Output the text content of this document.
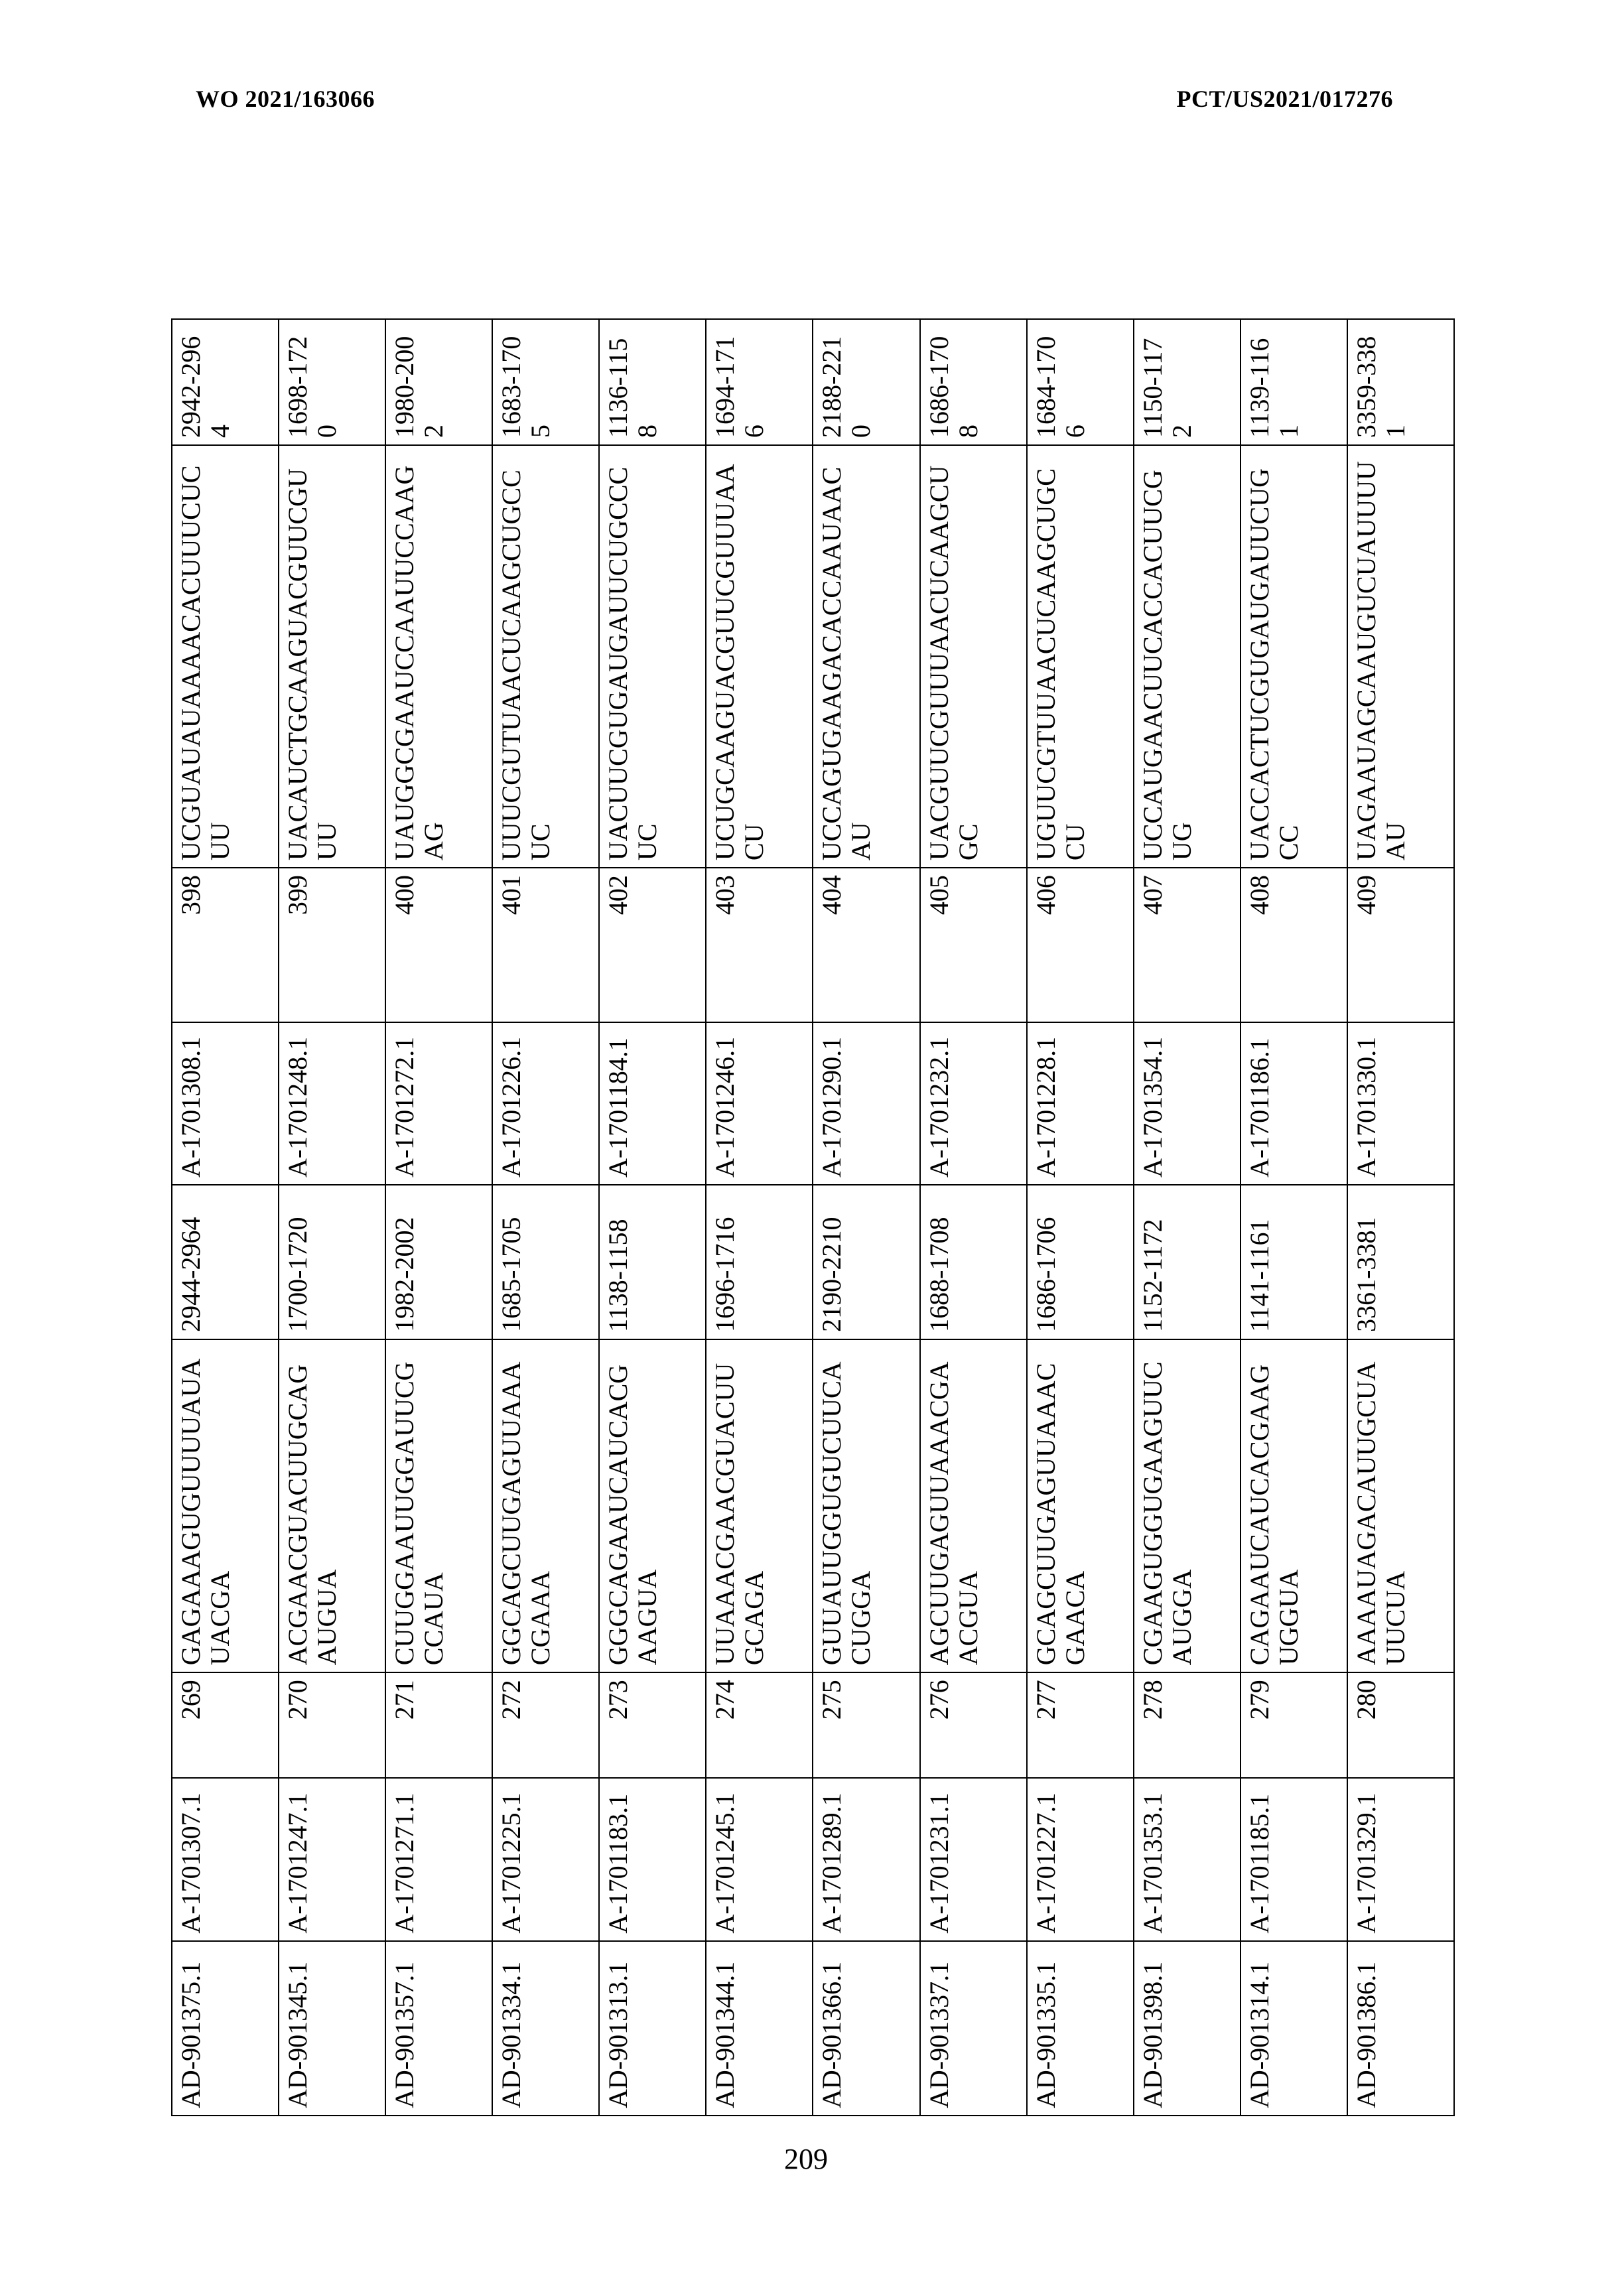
WO 2021/163066	PCT/US2021/017276
AD-901375.1	A-1701307.1	269	GAGAAAGUGUUUUAUAUACGA	2944-2964	A-1701308.1	398	UCGUAUAUAAAACACUUUCUCUU	2942-2964
AD-901345.1	A-1701247.1	270	ACGAACGUACUUGCAGAUGUA	1700-1720	A-1701248.1	399	UACAUCTGCAAGUACGUUCGUUU	1698-1720
AD-901357.1	A-1701271.1	271	CUUGGAAUUGGAUUCGCCAUA	1982-2002	A-1701272.1	400	UAUGGCGAAUCCAAUUCCAAGAG	1980-2002
AD-901334.1	A-1701225.1	272	GGCAGCUUGAGUUAAACGAAA	1685-1705	A-1701226.1	401	UUUCGUTUAACUCAAGCUGCCUC	1683-1705
AD-901313.1	A-1701183.1	273	GGGCAGAAUCAUCACGAAGUA	1138-1158	A-1701184.1	402	UACUUCGUGAUGAUUCUGCCCUC	1136-1158
AD-901344.1	A-1701245.1	274	UUAAACGAACGUACUUGCAGA	1696-1716	A-1701246.1	403	UCUGCAAGUACGUUCGUUUAACU	1694-1716
AD-901366.1	A-1701289.1	275	GUUAUUGGUGUCUUCACUGGA	2190-2210	A-1701290.1	404	UCCAGUGAAGACACCAAUAACAU	2188-2210
AD-901337.1	A-1701231.1	276	AGCUUGAGUUAAACGAACGUA	1688-1708	A-1701232.1	405	UACGUUCGUUUAACUCAAGCUGC	1686-1708
AD-901335.1	A-1701227.1	277	GCAGCUUGAGUUAAACGAACA	1686-1706	A-1701228.1	406	UGUUCGTUUAACUCAAGCUGCCU	1684-1706
AD-901398.1	A-1701353.1	278	CGAAGUGGUGAAGUUCAUGGA	1152-1172	A-1701354.1	407	UCCAUGAACUUCACCACUUCGUG	1150-1172
AD-901314.1	A-1701185.1	279	CAGAAUCAUCACGAAGUGGUA	1141-1161	A-1701186.1	408	UACCACTUCGUGAUGAUUCUGCC	1139-1161
AD-901386.1	A-1701329.1	280	AAAAUAGACAUUGCUAUUCUA	3361-3381	A-1701330.1	409	UAGAAUAGCAAUGUCUAUUUUAU	3359-3381
209
